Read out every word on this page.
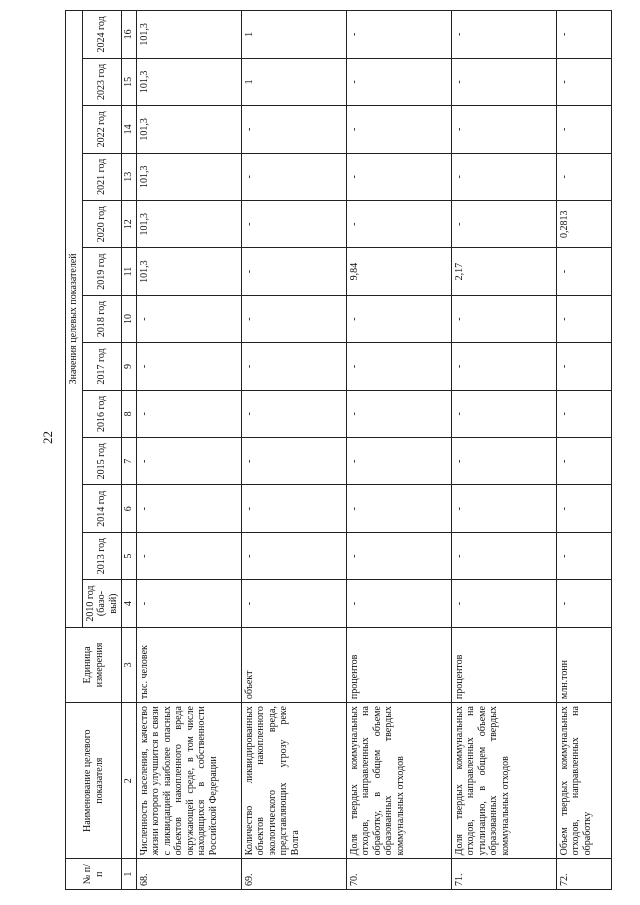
22
№ п/п	Наименование целевого показателя	Единица измерения	Значения целевых показателей												
			2010 год (базо-вый)	2013 год	2014 год	2015 год	2016 год	2017 год	2018 год	2019 год	2020 год	2021 год	2022 год	2023 год	2024 год
1	2	3	4	5	6	7	8	9	10	11	12	13	14	15	16
68.	Численность населения, качество жизни которого улучшится в связи с ликвидацией наиболее опасных объектов накопленного вреда окружающей среде, в том числе находящихся в собственности Российской Федерации	тыс. человек	-	-	-	-	-	-	-	101,3	101,3	101,3	101,3	101,3	101,3
69.	Количество ликвидированных объектов накопленного экологического вреда, представляющих угрозу реке Волга	объект	-	-	-	-	-	-	-	-	-	-	-	1	1
70.	Доля твердых коммунальных отходов, направленных на обработку, в общем объеме образованных твердых коммунальных отходов	процентов	-	-	-	-	-	-	-	9,84	-	-	-	-	-
71.	Доля твердых коммунальных отходов, направленных на утилизацию, в общем объеме образованных твердых коммунальных отходов	процентов	-	-	-	-	-	-	-	2,17	-	-	-	-	-
72.	Объем твердых коммунальных отходов, направленных на обработку	млн.тонн	-	-	-	-	-	-	-	-	0,2813	-	-	-	-
